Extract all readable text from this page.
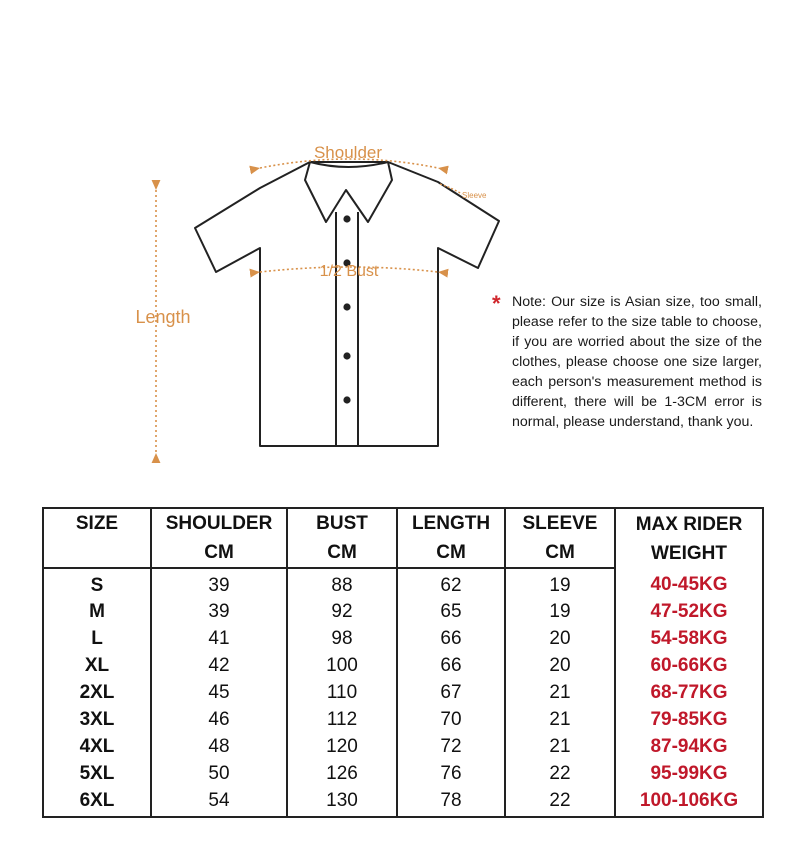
Shoulder
Sleeve
1/2 Bust
Length
* Note: Our size is Asian size, too small, please refer to the size table to choose, if you are worried about the size of the clothes, please choose one size larger, each person's measurement method is different, there will be 1-3CM error is normal, please understand, thank you.
SIZE	SHOULDER	BUST	LENGTH	SLEEVE	MAX RIDER WEIGHT
	CM	CM	CM	CM	
S	39	88	62	19	40-45KG
M	39	92	65	19	47-52KG
L	41	98	66	20	54-58KG
XL	42	100	66	20	60-66KG
2XL	45	110	67	21	68-77KG
3XL	46	112	70	21	79-85KG
4XL	48	120	72	21	87-94KG
5XL	50	126	76	22	95-99KG
6XL	54	130	78	22	100-106KG
